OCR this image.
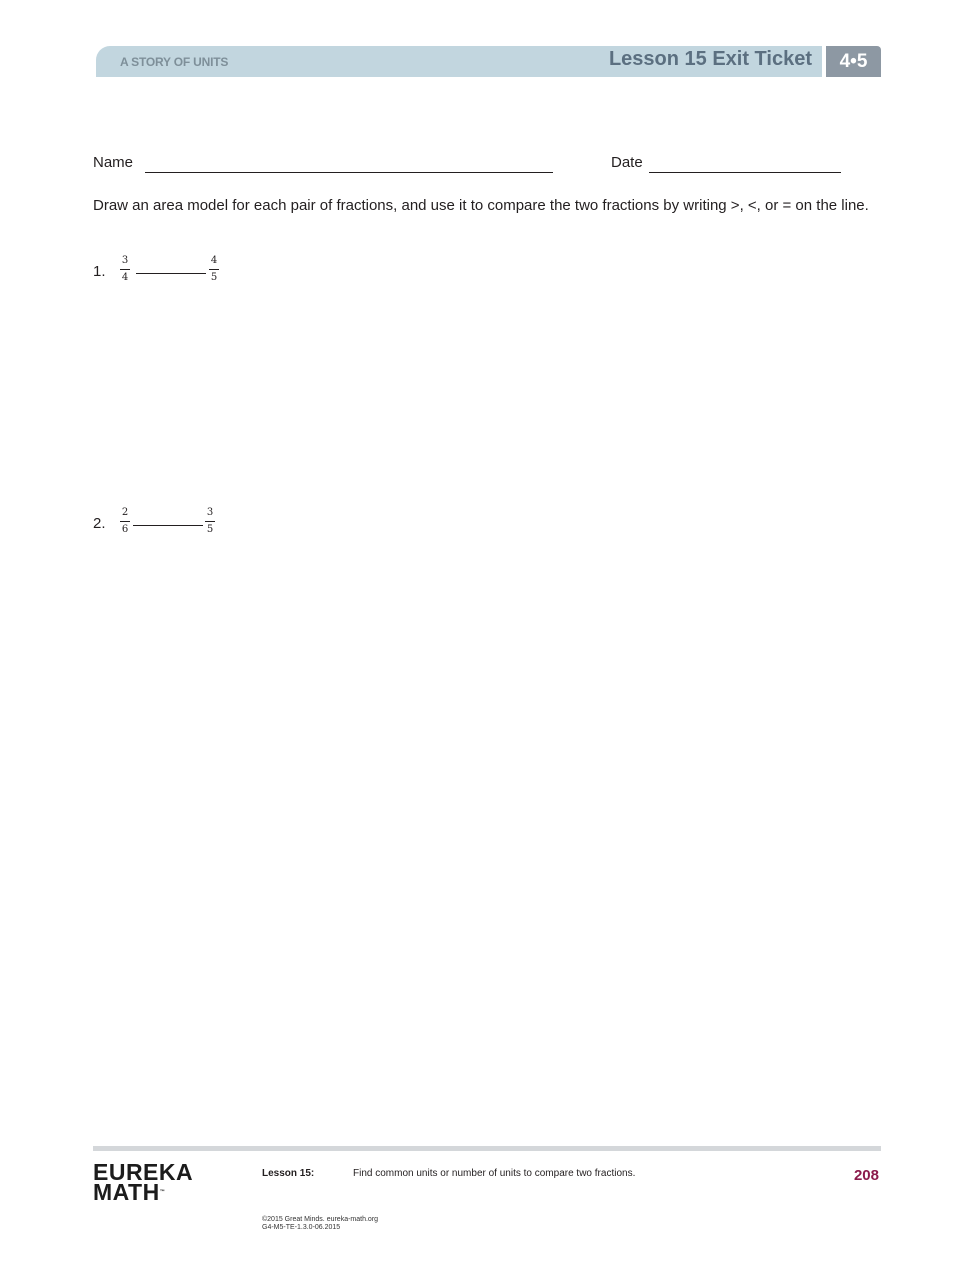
A STORY OF UNITS	Lesson 15 Exit Ticket	4•5
Name	Date
Draw an area model for each pair of fractions, and use it to compare the two fractions by writing >, <, or = on the line.
1.
3
4
4
5
2.
2
6
3
5
EUREKA
MATH™
Lesson 15:	Find common units or number of units to compare two fractions.	208
©2015 Great Minds. eureka-math.org
G4-M5-TE-1.3.0-06.2015
